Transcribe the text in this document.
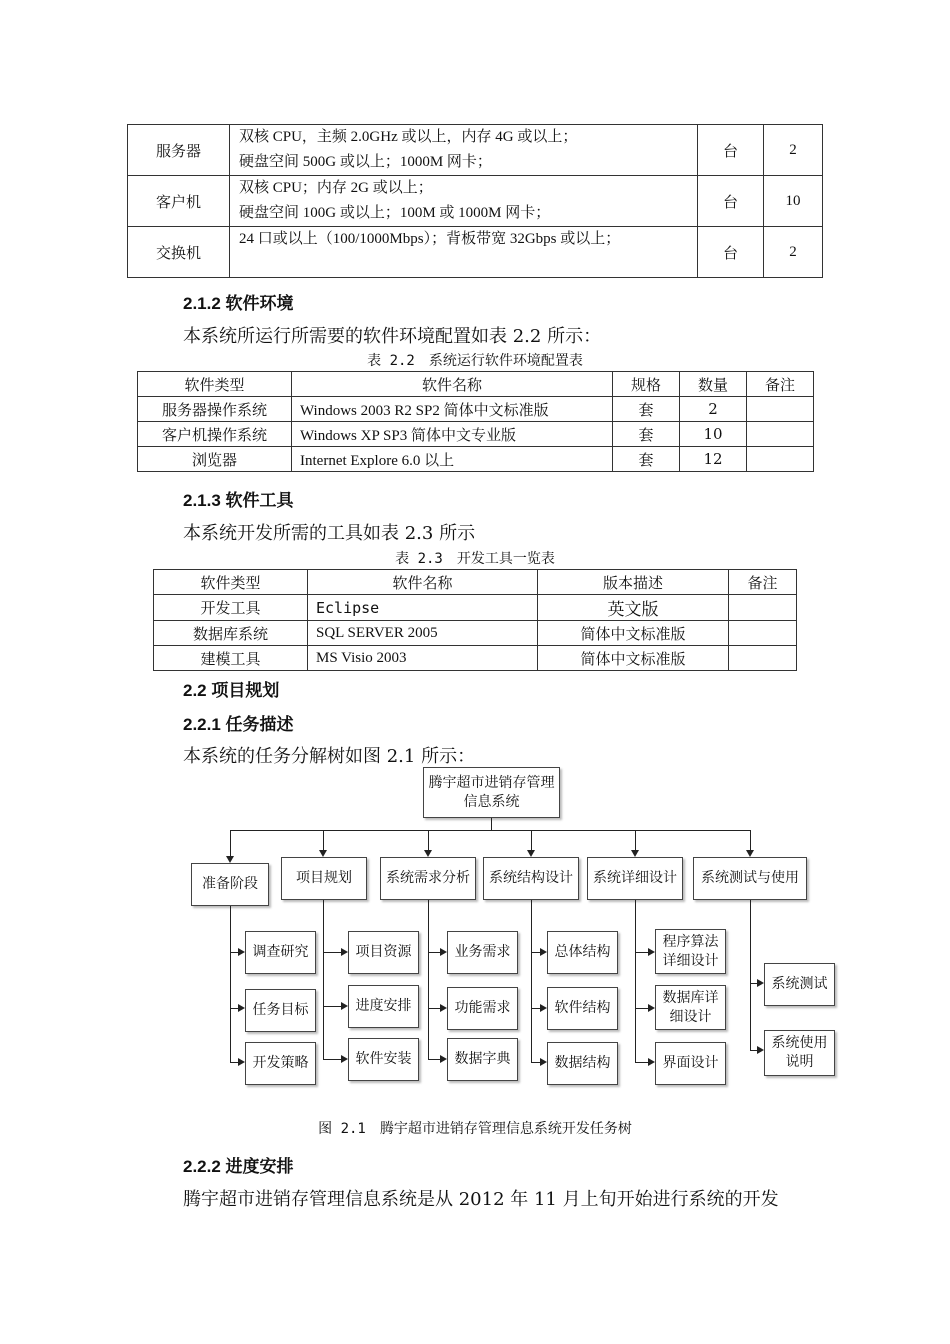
服务器	双核 CPU，主频 2.0GHz 或以上，内存 4G 或以上；
硬盘空间 500G 或以上；1000M 网卡；	台	2
客户机	双核 CPU；内存 2G 或以上；
硬盘空间 100G 或以上；100M 或 1000M 网卡；	台	10
交换机	24 口或以上（100/1000Mbps）；背板带宽 32Gbps 或以上；	台	2
2.1.2 软件环境
本系统所运行所需要的软件环境配置如表 2.2 所示：
表 2.2　系统运行软件环境配置表
软件类型	软件名称	规格	数量	备注
服务器操作系统	Windows 2003 R2 SP2 简体中文标准版	套	2	
客户机操作系统	Windows XP SP3 简体中文专业版	套	10	
浏览器	Internet Explore 6.0 以上	套	12	
2.1.3 软件工具
本系统开发所需的工具如表 2.3 所示
表 2.3　开发工具一览表
软件类型	软件名称	版本描述	备注
开发工具	Eclipse	英文版	
数据库系统	SQL SERVER 2005	简体中文标准版	
建模工具	MS Visio 2003	简体中文标准版	
2.2 项目规划
2.2.1 任务描述
本系统的任务分解树如图 2.1 所示：
腾宇超市进销存管理
信息系统
准备阶段	项目规划	系统需求分析	系统结构设计	系统详细设计	系统测试与使用
调查研究
任务目标
开发策略
项目资源
进度安排
软件安装
业务需求
功能需求
数据字典
总体结构
软件结构
数据结构
程序算法
详细设计
数据库详
细设计
界面设计
系统测试
系统使用
说明
图 2.1　腾宇超市进销存管理信息系统开发任务树
2.2.2 进度安排
腾宇超市进销存管理信息系统是从 2012 年 11 月上旬开始进行系统的开发
